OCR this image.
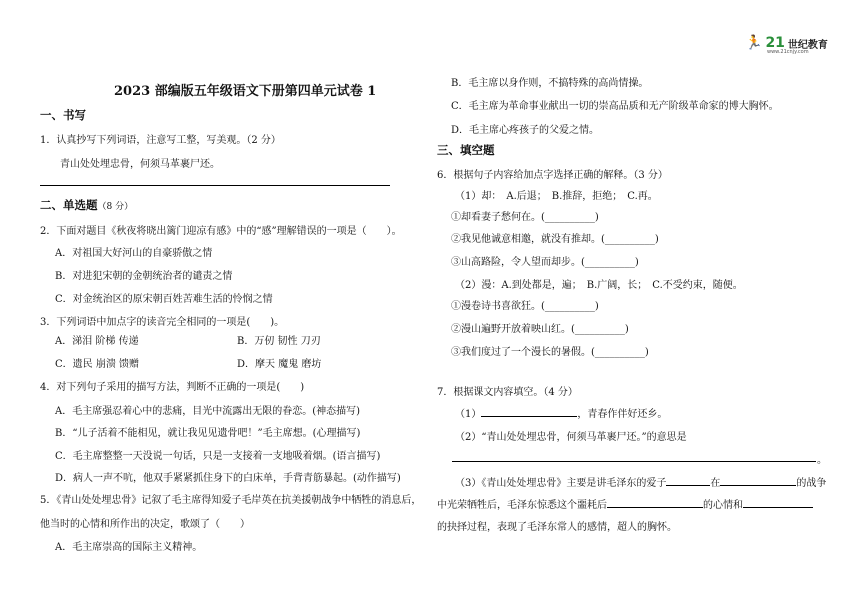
🏃 21 世纪教育
www.21cnjy.com
2023 部编版五年级语文下册第四单元试卷 1
一、书写
1．认真抄写下列词语，注意写工整，写美观。（2 分）
青山处处埋忠骨，何须马革裹尸还。
二、单选题（8 分）
2．下面对题目《秋夜将晓出篱门迎凉有感》中的“感”理解错误的一项是（　　）。
A．对祖国大好河山的自豪骄傲之情
B．对进犯宋朝的金朝统治者的谴责之情
C．对金统治区的原宋朝百姓苦难生活的怜悯之情
3．下列词语中加点字的读音完全相同的一项是(　　)。
A．涕泪 阶梯 传递	B．万仞 韧性 刀刃
C．遗民 崩溃 馈赠	D．摩天 魔鬼 磨坊
4．对下列句子采用的描写方法，判断不正确的一项是(　　)
A．毛主席强忍着心中的悲痛，目光中流露出无限的眷恋。(神态描写)
B．“儿子活着不能相见，就让我见见遗骨吧！”毛主席想。(心理描写)
C．毛主席整整一天没说一句话，只是一支接着一支地吸着烟。(语言描写)
D．病人一声不吭，他双手紧紧抓住身下的白床单，手背青筋暴起。(动作描写)
5．《青山处处埋忠骨》记叙了毛主席得知爱子毛岸英在抗美援朝战争中牺牲的消息后，
他当时的心情和所作出的决定，歌颂了（　　）
A．毛主席崇高的国际主义精神。
B．毛主席以身作则，不搞特殊的高尚情操。
C．毛主席为革命事业献出一切的崇高品质和无产阶级革命家的博大胸怀。
D．毛主席心疼孩子的父爱之情。
三、填空题
6．根据句子内容给加点字选择正确的解释。（3 分）
（1）却：　A.后退；　B.推辞，拒绝；　C.再。
①却看妻子愁何在。(__________)
②我见他诚意相邀，就没有推却。(__________)
③山高路险，令人望而却步。(__________)
（2）漫：A.到处都是，遍；　B.广阔，长；　C.不受约束，随便。
①漫卷诗书喜欲狂。(__________)
②漫山遍野开放着映山红。(__________)
③我们度过了一个漫长的暑假。(__________)
7．根据课文内容填空。（4 分）
（1）	，青春作伴好还乡。
（2）“青山处处埋忠骨，何须马革裹尸还。”的意思是
。
（3）《青山处处埋忠骨》主要是讲毛泽东的爱子	在	的战争
中光荣牺牲后，毛泽东惊悉这个噩耗后	的心情和
的抉择过程，表现了毛泽东常人的感情，超人的胸怀。
